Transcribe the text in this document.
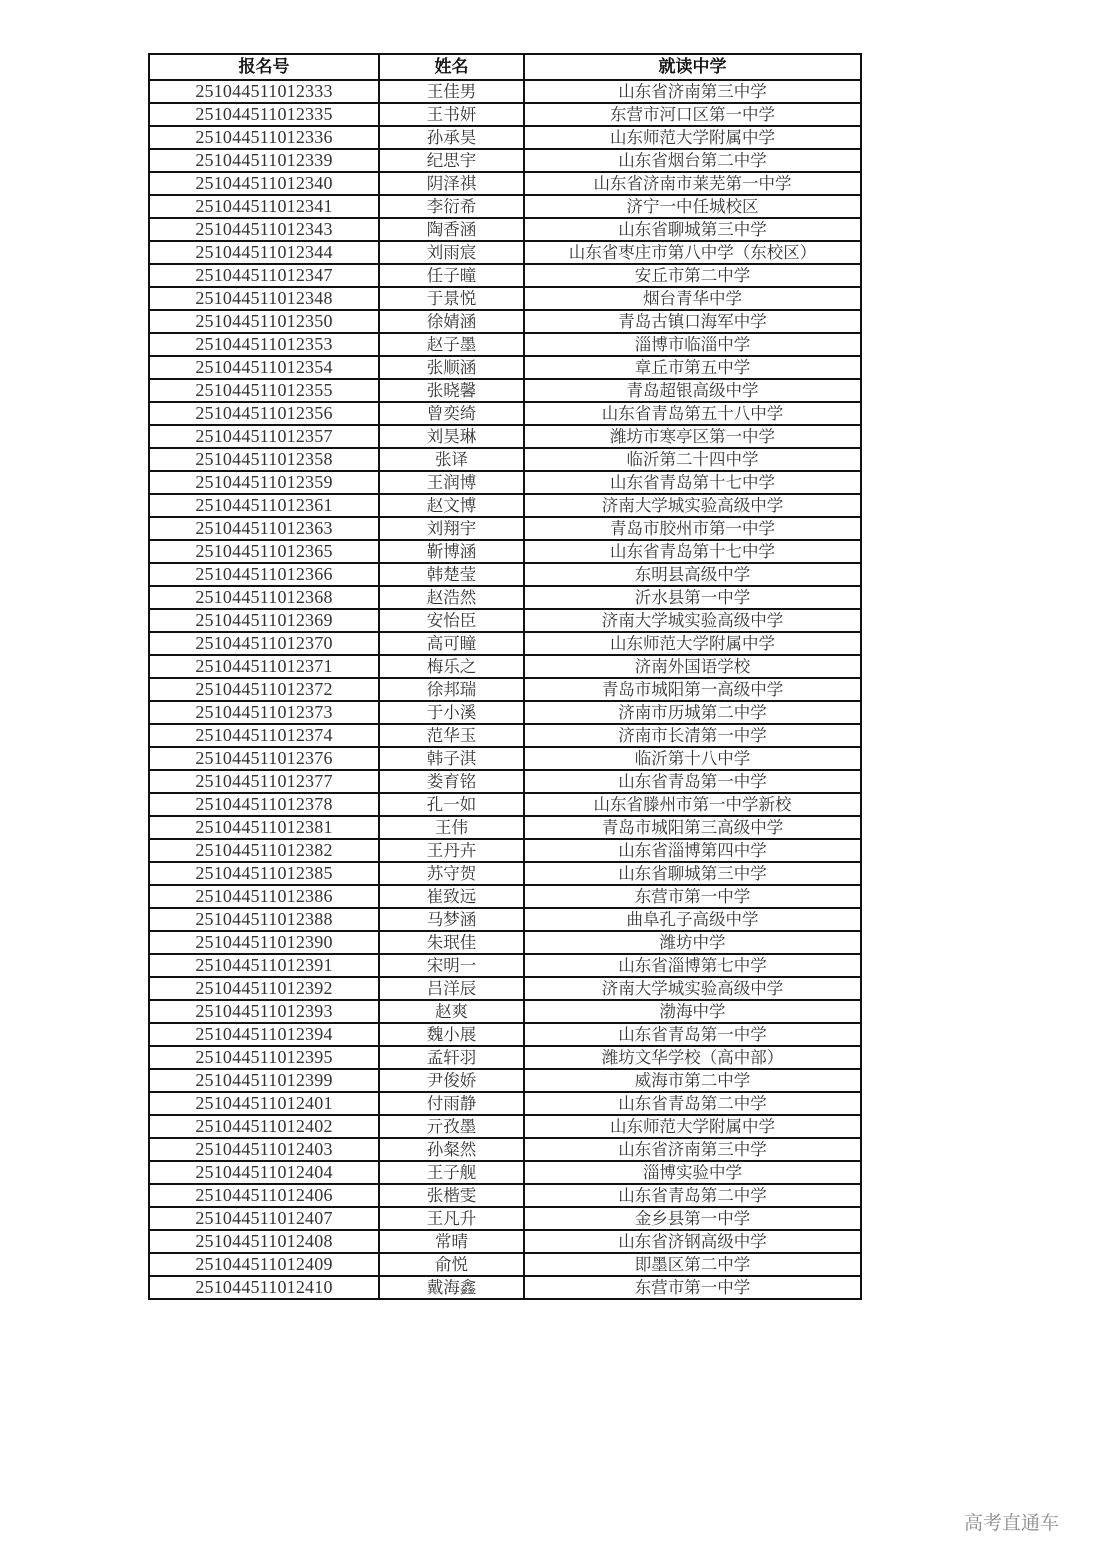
报名号	姓名	就读中学
251044511012333	王佳男	山东省济南第三中学
251044511012335	王书妍	东营市河口区第一中学
251044511012336	孙承昊	山东师范大学附属中学
251044511012339	纪思宇	山东省烟台第二中学
251044511012340	阴泽祺	山东省济南市莱芜第一中学
251044511012341	李衍希	济宁一中任城校区
251044511012343	陶香涵	山东省聊城第三中学
251044511012344	刘雨宸	山东省枣庄市第八中学（东校区）
251044511012347	任子曈	安丘市第二中学
251044511012348	于景悦	烟台青华中学
251044511012350	徐婧涵	青岛古镇口海军中学
251044511012353	赵子墨	淄博市临淄中学
251044511012354	张顺涵	章丘市第五中学
251044511012355	张晓馨	青岛超银高级中学
251044511012356	曾奕绮	山东省青岛第五十八中学
251044511012357	刘昊琳	潍坊市寒亭区第一中学
251044511012358	张译	临沂第二十四中学
251044511012359	王润博	山东省青岛第十七中学
251044511012361	赵文博	济南大学城实验高级中学
251044511012363	刘翔宇	青岛市胶州市第一中学
251044511012365	靳博涵	山东省青岛第十七中学
251044511012366	韩楚莹	东明县高级中学
251044511012368	赵浩然	沂水县第一中学
251044511012369	安怡臣	济南大学城实验高级中学
251044511012370	高可瞳	山东师范大学附属中学
251044511012371	梅乐之	济南外国语学校
251044511012372	徐邦瑞	青岛市城阳第一高级中学
251044511012373	于小溪	济南市历城第二中学
251044511012374	范华玉	济南市长清第一中学
251044511012376	韩子淇	临沂第十八中学
251044511012377	娄育铭	山东省青岛第一中学
251044511012378	孔一如	山东省滕州市第一中学新校
251044511012381	王伟	青岛市城阳第三高级中学
251044511012382	王丹卉	山东省淄博第四中学
251044511012385	苏守贺	山东省聊城第三中学
251044511012386	崔致远	东营市第一中学
251044511012388	马梦涵	曲阜孔子高级中学
251044511012390	朱珉佳	潍坊中学
251044511012391	宋明一	山东省淄博第七中学
251044511012392	吕洋辰	济南大学城实验高级中学
251044511012393	赵爽	渤海中学
251044511012394	魏小展	山东省青岛第一中学
251044511012395	孟轩羽	潍坊文华学校（高中部）
251044511012399	尹俊娇	威海市第二中学
251044511012401	付雨静	山东省青岛第二中学
251044511012402	亓孜墨	山东师范大学附属中学
251044511012403	孙粲然	山东省济南第三中学
251044511012404	王子舰	淄博实验中学
251044511012406	张楷雯	山东省青岛第二中学
251044511012407	王凡升	金乡县第一中学
251044511012408	常晴	山东省济钢高级中学
251044511012409	俞悦	即墨区第二中学
251044511012410	戴海鑫	东营市第一中学
高考直通车
